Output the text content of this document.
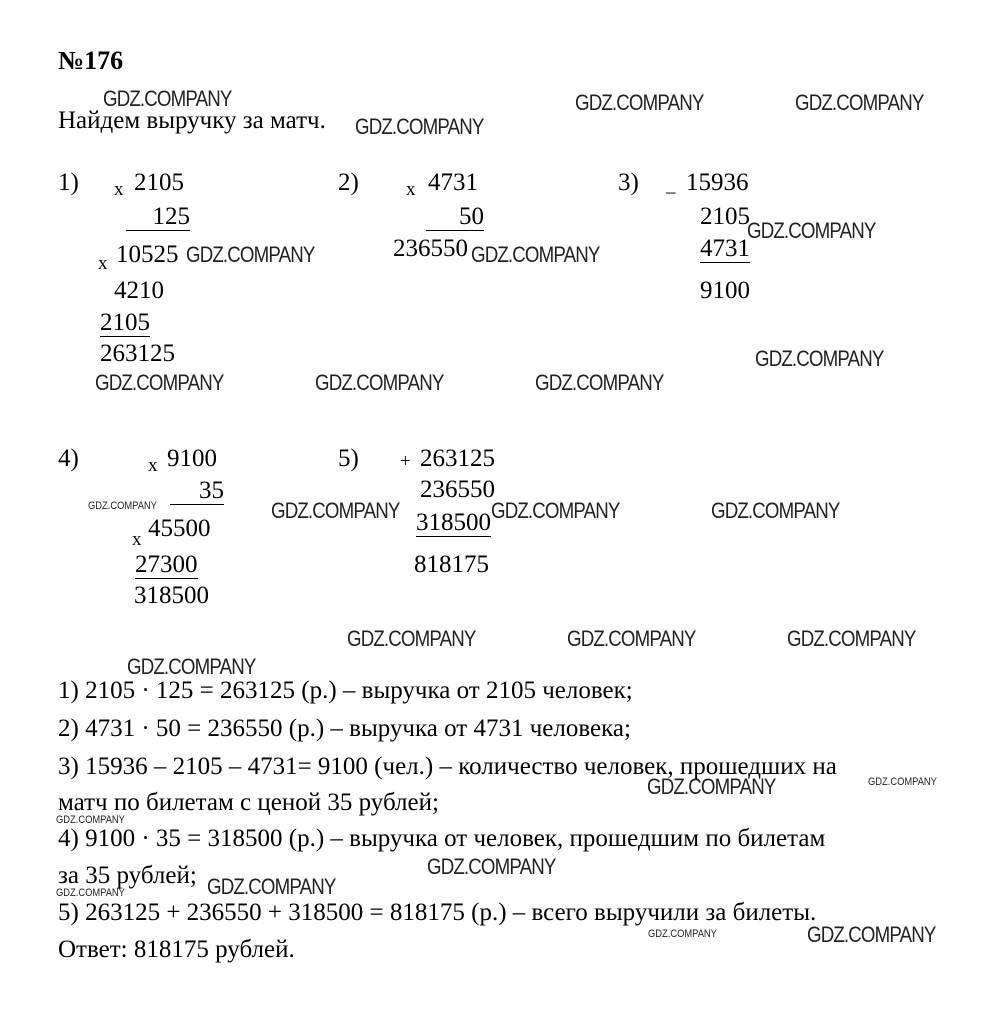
№176
Найдем выручку за матч.
1) x 2105
125
x 10525
4210
2105
263125
2) x 4731
50
236550
3) _ 15936
2105
4731
9100
4)	x 9100
35
x 45500
27300
318500
5) + 263125
236550
318500
818175
1) 2105 · 125 = 263125 (р.) – выручка от 2105 человек;
2) 4731 · 50 = 236550 (р.) – выручка от 4731 человека;
3) 15936 – 2105 – 4731= 9100 (чел.) – количество человек, прошедших на
матч по билетам с ценой 35 рублей;
4) 9100 · 35 = 318500 (р.) – выручка от человек, прошедшим по билетам
за 35 рублей;
5) 263125 + 236550 + 318500 = 818175 (р.) – всего выручили за билеты.
Ответ: 818175 рублей.
GDZ.COMPANY
GDZ.COMPANY
GDZ.COMPANY	GDZ.COMPANY
GDZ.COMPANY	GDZ.COMPANY
GDZ.COMPANY
GDZ.COMPANY
GDZ.COMPANY	GDZ.COMPANY	GDZ.COMPANY
GDZ.COMPANY	GDZ.COMPANY	GDZ.COMPANY	GDZ.COMPANY
GDZ.COMPANY	GDZ.COMPANY	GDZ.COMPANY
GDZ.COMPANY
GDZ.COMPANY	GDZ.COMPANY
GDZ.COMPANY
GDZ.COMPANY
GDZ.COMPANY	GDZ.COMPANY
GDZ.COMPANY	GDZ.COMPANY
